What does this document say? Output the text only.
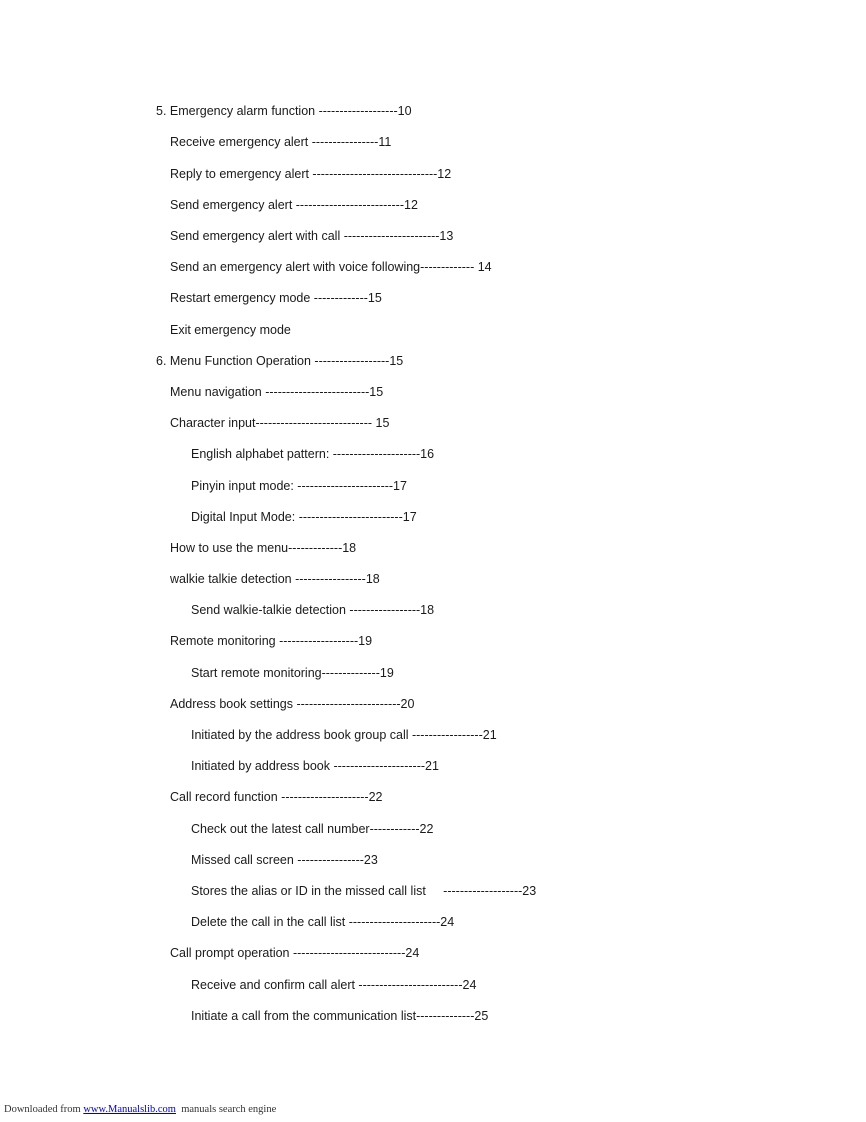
5. Emergency alarm function -------------------10
Receive emergency alert ----------------11
Reply to emergency alert ------------------------------12
Send emergency alert --------------------------12
Send emergency alert with call -----------------------13
Send an emergency alert with voice following------------- 14
Restart emergency mode -------------15
Exit emergency mode
6. Menu Function Operation ------------------15
Menu navigation -------------------------15
Character input---------------------------- 15
English alphabet pattern: ---------------------16
Pinyin input mode: -----------------------17
Digital Input Mode: -------------------------17
How to use the menu-------------18
walkie talkie detection -----------------18
Send walkie-talkie detection -----------------18
Remote monitoring -------------------19
Start remote monitoring--------------19
Address book settings -------------------------20
Initiated by the address book group call -----------------21
Initiated by address book ----------------------21
Call record function ---------------------22
Check out the latest call number------------22
Missed call screen ----------------23
Stores the alias or ID in the missed call list     -------------------23
Delete the call in the call list ----------------------24
Call prompt operation ---------------------------24
Receive and confirm call alert -------------------------24
Initiate a call from the communication list--------------25
Downloaded from www.Manualslib.com  manuals search engine
